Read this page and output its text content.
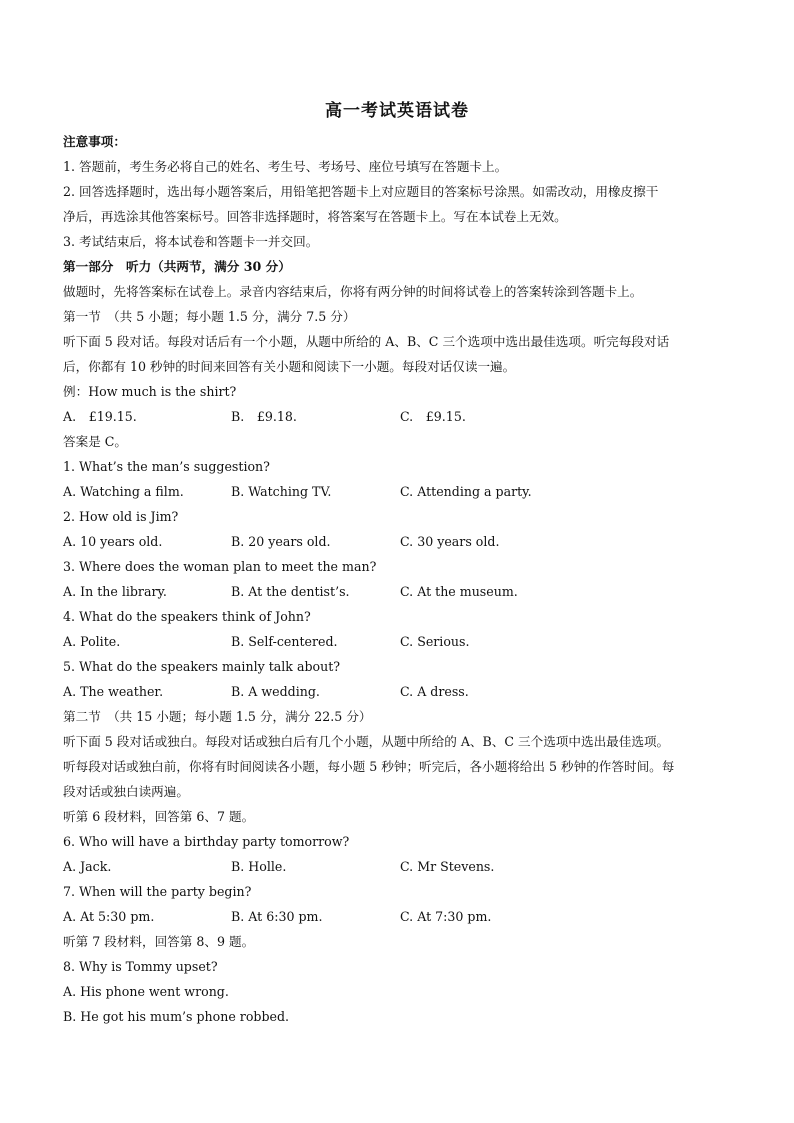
高一考试英语试卷
注意事项：
1. 答题前，考生务必将自己的姓名、考生号、考场号、座位号填写在答题卡上。
2. 回答选择题时，选出每小题答案后，用铅笔把答题卡上对应题目的答案标号涂黑。如需改动，用橡皮擦干
净后，再选涂其他答案标号。回答非选择题时，将答案写在答题卡上。写在本试卷上无效。
3. 考试结束后，将本试卷和答题卡一并交回。
第一部分　听力（共两节，满分 30 分）
做题时，先将答案标在试卷上。录音内容结束后，你将有两分钟的时间将试卷上的答案转涂到答题卡上。
第一节　（共 5 小题；每小题 1.5 分，满分 7.5 分）
听下面 5 段对话。每段对话后有一个小题，从题中所给的 A、B、C 三个选项中选出最佳选项。听完每段对话
后，你都有 10 秒钟的时间来回答有关小题和阅读下一小题。每段对话仅读一遍。
例：How much is the shirt?
A.　£19.15.	B.　£9.18.	C.　£9.15.
答案是 C。
1. What’s the man’s suggestion?
A. Watching a film.	B. Watching TV.	C. Attending a party.
2. How old is Jim?
A. 10 years old.	B. 20 years old.	C. 30 years old.
3. Where does the woman plan to meet the man?
A. In the library.	B. At the dentist’s.	C. At the museum.
4. What do the speakers think of John?
A. Polite.	B. Self-centered.	C. Serious.
5. What do the speakers mainly talk about?
A. The weather.	B. A wedding.	C. A dress.
第二节　（共 15 小题；每小题 1.5 分，满分 22.5 分）
听下面 5 段对话或独白。每段对话或独白后有几个小题，从题中所给的 A、B、C 三个选项中选出最佳选项。
听每段对话或独白前，你将有时间阅读各小题，每小题 5 秒钟；听完后，各小题将给出 5 秒钟的作答时间。每
段对话或独白读两遍。
听第 6 段材料，回答第 6、7 题。
6. Who will have a birthday party tomorrow?
A. Jack.	B. Holle.	C. Mr Stevens.
7. When will the party begin?
A. At 5:30 pm.	B. At 6:30 pm.	C. At 7:30 pm.
听第 7 段材料，回答第 8、9 题。
8. Why is Tommy upset?
A. His phone went wrong.
B. He got his mum’s phone robbed.
